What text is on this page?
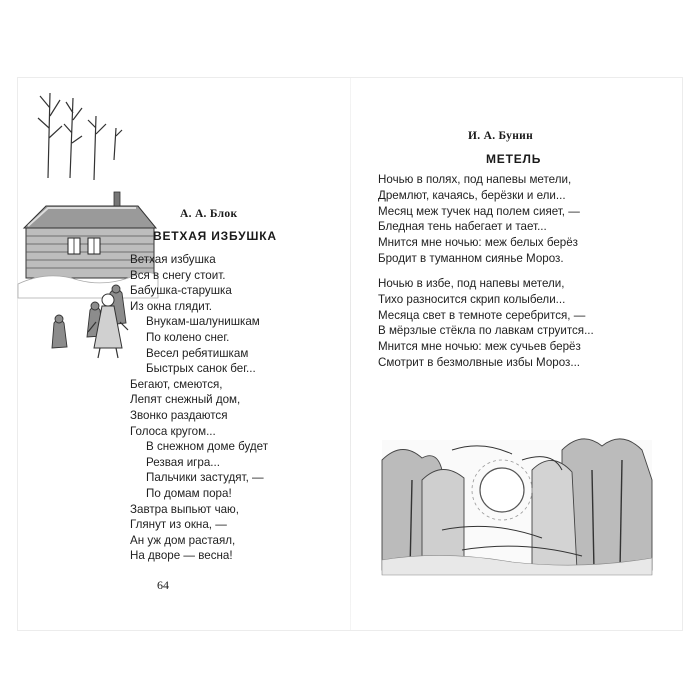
А. А. Блок
ВЕТХАЯ ИЗБУШКА
Ветхая избушка
Вся в снегу стоит.
Бабушка-старушка
Из окна глядит.
Внукам-шалунишкам
По колено снег.
Весел ребятишкам
Быстрых санок бег...
Бегают, смеются,
Лепят снежный дом,
Звонко раздаются
Голоса кругом...
В снежном доме будет
Резвая игра...
Пальчики застудят, —
По домам пора!
Завтра выпьют чаю,
Глянут из окна, —
Ан уж дом растаял,
На дворе — весна!
64
И. А. Бунин
МЕТЕЛЬ
Ночью в полях, под напевы метели,
Дремлют, качаясь, берёзки и ели...
Месяц меж тучек над полем сияет, —
Бледная тень набегает и тает...
Мнится мне ночью: меж белых берёз
Бродит в туманном сиянье Мороз.
Ночью в избе, под напевы метели,
Тихо разносится скрип колыбели...
Месяца свет в темноте серебрится, —
В мёрзлые стёкла по лавкам струится...
Мнится мне ночью: меж сучьев берёз
Смотрит в безмолвные избы Мороз...
